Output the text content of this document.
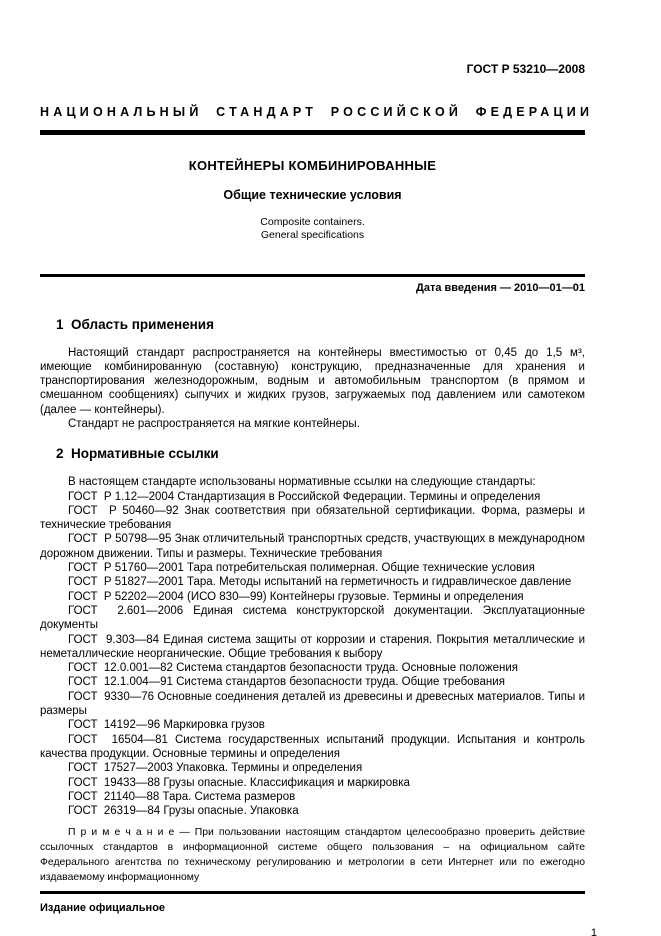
ГОСТ Р 53210—2008
НАЦИОНАЛЬНЫЙ СТАНДАРТ РОССИЙСКОЙ ФЕДЕРАЦИИ
КОНТЕЙНЕРЫ КОМБИНИРОВАННЫЕ
Общие технические условия
Composite containers.
General specifications
Дата введения — 2010—01—01
1  Область применения

Настоящий стандарт распространяется на контейнеры вместимостью от 0,45 до 1,5 м³, имеющие комбинированную (составную) конструкцию, предназначенные для хранения и транспортирования железнодорожным, водным и автомобильным транспортом (в прямом и смешанном сообщениях) сыпучих и жидких грузов, загружаемых под давлением или самотеком (далее — контейнеры).

Стандарт не распространяется на мягкие контейнеры.

2  Нормативные ссылки

В настоящем стандарте использованы нормативные ссылки на следующие стандарты:

ГОСТ  Р 1.12—2004 Стандартизация в Российской Федерации. Термины и определения

ГОСТ  Р 50460—92 Знак соответствия при обязательной сертификации. Форма, размеры и технические требования

ГОСТ  Р 50798—95 Знак отличительный транспортных средств, участвующих в международном дорожном движении. Типы и размеры. Технические требования

ГОСТ  Р 51760—2001 Тара потребительская полимерная. Общие технические условия

ГОСТ  Р 51827—2001 Тара. Методы испытаний на герметичность и гидравлическое давление

ГОСТ  Р 52202—2004 (ИСО 830—99) Контейнеры грузовые. Термины и определения

ГОСТ  2.601—2006 Единая система конструкторской документации. Эксплуатационные документы

ГОСТ  9.303—84 Единая система защиты от коррозии и старения. Покрытия металлические и неметаллические неорганические. Общие требования к выбору

ГОСТ  12.0.001—82 Система стандартов безопасности труда. Основные положения

ГОСТ  12.1.004—91 Система стандартов безопасности труда. Общие требования

ГОСТ  9330—76 Основные соединения деталей из древесины и древесных материалов. Типы и размеры

ГОСТ  14192—96 Маркировка грузов

ГОСТ  16504—81 Система государственных испытаний продукции. Испытания и контроль качества продукции. Основные термины и определения

ГОСТ  17527—2003 Упаковка. Термины и определения

ГОСТ  19433—88 Грузы опасные. Классификация и маркировка

ГОСТ  21140—88 Тара. Система размеров

ГОСТ  26319—84 Грузы опасные. Упаковка

П р и м е ч а н и е — При пользовании настоящим стандартом целесообразно проверить действие ссылочных стандартов в информационной системе общего пользования – на официальном сайте Федерального агентства по техническому регулированию и метрологии в сети Интернет или по ежегодно издаваемому информационному

Издание официальное
1
